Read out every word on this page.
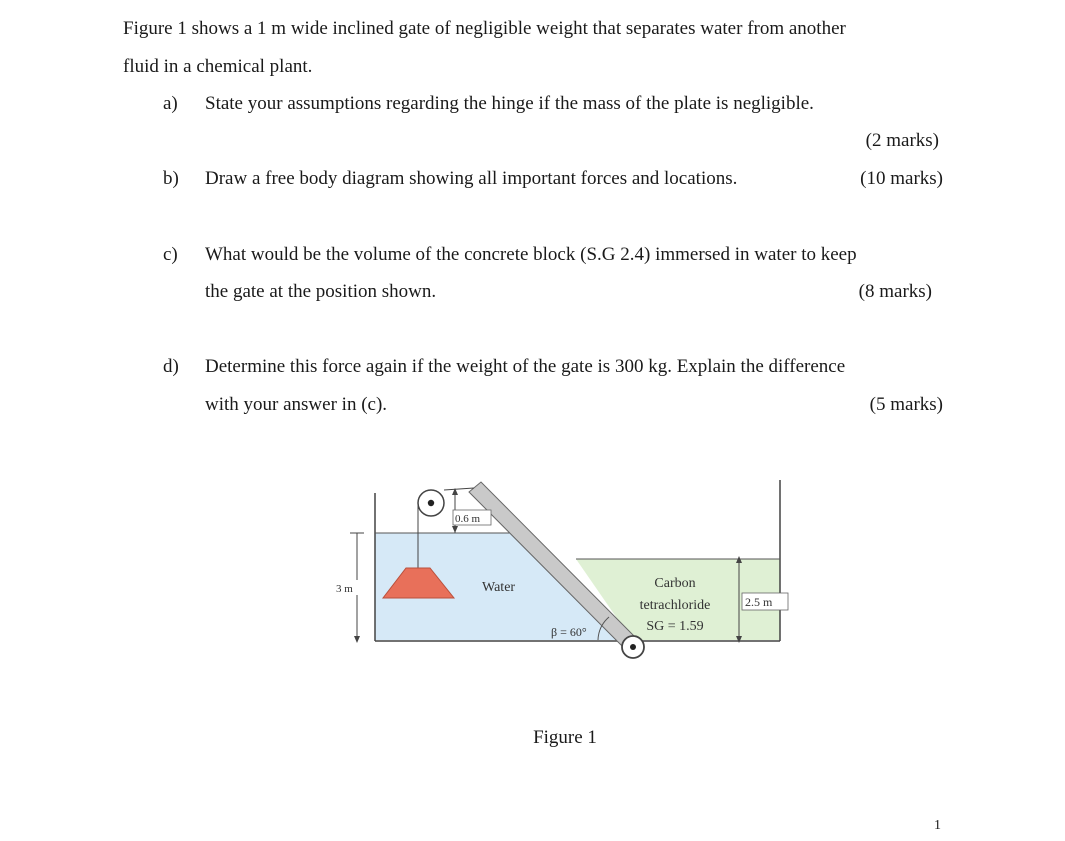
Figure 1 shows a 1 m wide inclined gate of negligible weight that separates water from another
fluid in a chemical plant.
a) State your assumptions regarding the hinge if the mass of the plate is negligible.
(2 marks)
b) Draw a free body diagram showing all important forces and locations.	(10 marks)
c) What would be the volume of the concrete block (S.G 2.4) immersed in water to keep
the gate at the position shown.	(8 marks)
d) Determine this force again if the weight of the gate is 300 kg. Explain the difference
with your answer in (c).	(5 marks)
0.6 m
3 m
2.5 m
Water	Carbon
tetrachloride
SG = 1.59
β = 60°
Figure 1
1
